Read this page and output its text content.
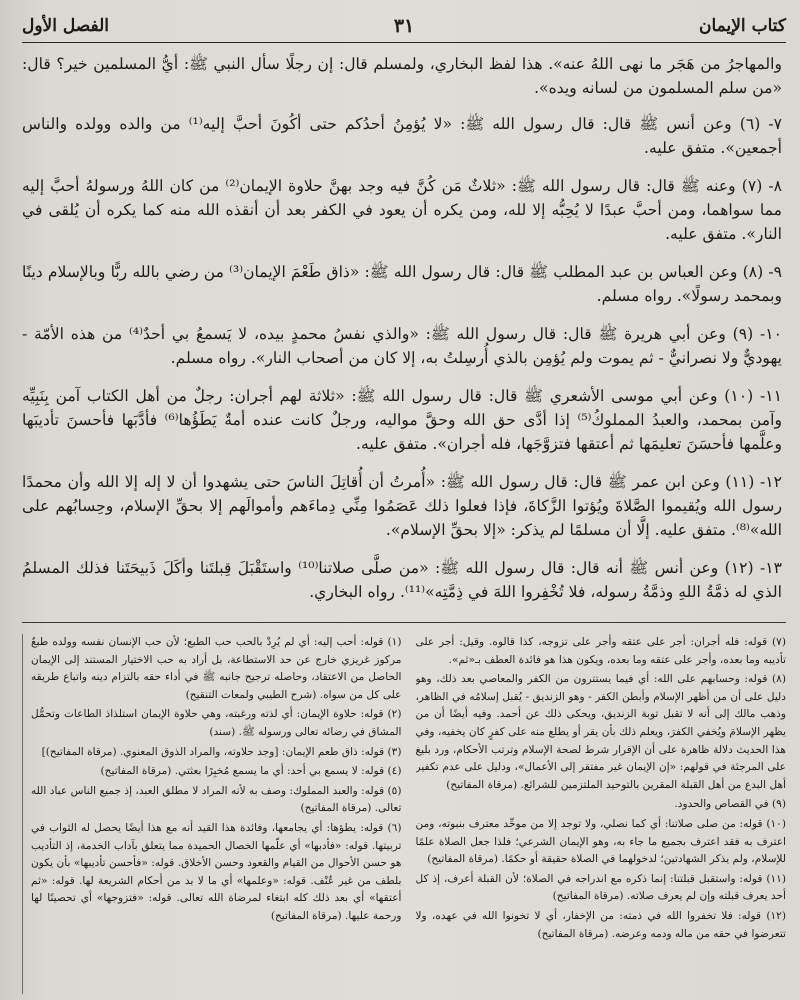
الفصل الأول	٣١	كتاب الإيمان

والمهاجرُ من هَجَر ما نهى اللهُ عنه». هذا لفظ البخاري، ولمسلم قال: إن رجلًا سأل النبي ﷺ: أيُّ المسلمين خير؟ قال: «من سلم المسلمون من لسانه ويده».

٧- (٦) وعن أنس ﷺ قال: قال رسول الله ﷺ: «لا يُؤمِنُ أحدُكم حتى أكُونَ أحبَّ إليه⁽¹⁾ من والده وولده والناس أجمعين». متفق عليه.

٨- (٧) وعنه ﷺ قال: قال رسول الله ﷺ: «ثلاثٌ مَن كُنَّ فيه وجد بهنَّ حلاوة الإيمان⁽²⁾ من كان اللهُ ورسولهُ أحبَّ إليه مما سواهما، ومن أحبَّ عبدًا لا يُحِبُّه إلا لله، ومن يكره أن يعود في الكفر بعد أن أنقذه الله منه كما يكره أن يُلقى في النار». متفق عليه.

٩- (٨) وعن العباس بن عبد المطلب ﷺ قال: قال رسول الله ﷺ: «ذاق طَعْمَ الإيمان⁽³⁾ من رضي بالله ربًّا وبالإسلام دينًا وبمحمد رسولًا». رواه مسلم.

١٠- (٩) وعن أبي هريرة ﷺ قال: قال رسول الله ﷺ: «والذي نفسُ محمدٍ بيده، لا يَسمعُ بي أحدٌ⁽⁴⁾ من هذه الأمّة - يهوديٌّ ولا نصرانيٌّ - ثم يموت ولم يُؤمِن بالذي أُرسِلتُ به، إلا كان من أصحاب النار». رواه مسلم.

١١- (١٠) وعن أبي موسى الأشعري ﷺ قال: قال رسول الله ﷺ: «ثلاثة لهم أجران: رجلٌ من أهل الكتاب آمن بِنَبِيِّه وآمن بمحمد، والعبدُ المملوكُ⁽⁵⁾ إذا أدَّى حق الله وحقَّ مواليه، ورجلٌ كانت عنده أمةٌ يَطَؤُها⁽⁶⁾ فأدَّبَها فأحسنَ تأديبَها وعلَّمها فأحسَنَ تعليمَها ثم أعتقها فتزوَّجَها، فله أجران». متفق عليه.

١٢- (١١) وعن ابن عمر ﷺ قال: قال رسول الله ﷺ: «أُمرتُ أن أُقاتِلَ الناسَ حتى يشهدوا أن لا إله إلا الله وأن محمدًا رسول الله ويُقيموا الصَّلاةَ ويُؤتوا الزَّكاةَ، فإذا فعلوا ذلك عَصَمُوا مِنِّي دِماءَهم وأموالَهم إلا بحقِّ الإسلام، وحِسابُهم على الله»⁽⁸⁾. متفق عليه. إلَّا أن مسلمًا لم يذكر: «إلا بحقِّ الإسلام».

١٣- (١٢) وعن أنس ﷺ أنه قال: قال رسول الله ﷺ: «من صلَّى صلاتنا⁽¹⁰⁾ واستَقْبَلَ قِبلتَنا وأكَلَ ذَبيحَتَنا فذلك المسلمُ الذي له ذمَّةُ اللهِ وذمَّةُ رسوله، فلا تُخْفِروا اللهَ في ذِمَّتِه»⁽¹¹⁾. رواه البخاري.

(١) قوله: أحب إليه: أي لم يُرِدْ بالحب حب الطبع؛ لأن حب الإنسان نفسه وولده طبعٌ مركوز غريزي خارج عن حد الاستطاعة، بل أراد به حب الاختيار المستند إلى الإيمان الحاصل من الاعتقاد، وحاصله ترجيح جانبه ﷺ في أداء حقه بالتزام دينه واتباع طريقه على كل من سواه. (شرح الطيبي ولمعات التنقيح)

(٢) قوله: حلاوة الإيمان: أي لذته ورغبته، وهي حلاوة الإيمان استلذاذ الطاعات وتحمُّل المشاق في رضائه تعالى ورسوله ﷺ. (سند)

(٣) قوله: ذاق طعم الإيمان: [وجد حلاوته، والمراد الذوق المعنوي. (مرقاة المفاتيح)]

(٤) قوله: لا يسمع بي أحد: أي ما يسمع مُخبِرًا بعثتي. (مرقاة المفاتيح)

(٥) قوله: والعبد المملوك: وصف به لأنه المراد لا مطلق العبد، إذ جميع الناس عباد الله تعالى. (مرقاة المفاتيح)

(٦) قوله: يطؤها: أي يجامعها، وفائدة هذا القيد أنه مع هذا أيضًا يحصل له الثواب في تربيتها. قوله: «فأدبها» أي علّمها الخصال الحميدة مما يتعلق بآداب الخدمة، إذ التأديب هو حسن الأحوال من القيام والقعود وحسن الأخلاق. قوله: «فأحسن تأديبها» بأن يكون بلطف من غير عُنْف. قوله: «وعلمها» أي ما لا بد من أحكام الشريعة لها. قوله: «ثم أعتقها» أي بعد ذلك كله ابتغاء لمرضاة الله تعالى. قوله: «فتزوجها» أي تحصينًا لها ورحمة عليها. (مرقاة المفاتيح)

(٧) قوله: فله أجران: أجر على عتقه وأجر على تزوجه، كذا قالوه. وقيل: أجر على تأديبه وما بعده، وأجر على عتقه وما بعده، ويكون هذا هو فائدة العطف بـ«ثم».

(٨) قوله: وحسابهم على الله: أي فيما يستترون من الكفر والمعاصي بعد ذلك، وهو دليل على أن من أظهر الإسلام وأبطن الكفر - وهو الزنديق - يُقبل إسلامُه في الظاهر، وذهب مالك إلى أنه لا تقبل توبة الزنديق، ويحكى ذلك عن أحمد. وفيه أيضًا أن من يظهر الإسلامَ ويُخفي الكفرَ، ويعلم ذلك بأن يقر أو يطلع منه على كفرٍ كان يخفيه، وفي هذا الحديث دلالة ظاهرة على أن الإقرار شرط لصحة الإسلام وترتب الأحكام، ورد بليغ على المرجئة في قولهم: «إن الإيمان غير مفتقر إلى الأعمال»، ودليل على عدم تكفير أهل البدع من أهل القبلة المقرين بالتوحيد الملتزمين للشرائع. (مرقاة المفاتيح)

(٩) في القصاص والحدود.

(١٠) قوله: من صلى صلاتنا: أي كما نصلي، ولا توجد إلا من موحِّد معترف بنبوته، ومن اعترف به فقد اعترف بجميع ما جاء به، وهو الإيمان الشرعي؛ فلذا جعل الصلاة علمًا للإسلام، ولم يذكر الشهادتين؛ لدخولهما في الصلاة حقيقة أو حكمًا. (مرقاة المفاتيح)

(١١) قوله: واستقبل قبلتنا: إنما ذكره مع اندراجه في الصلاة؛ لأن القبلة أعرف، إذ كل أحد يعرف قبلته وإن لم يعرف صلاته. (مرقاة المفاتيح)

(١٢) قوله: فلا تخفروا الله في ذمته: من الإخفار، أي لا تخونوا الله في عهده، ولا تتعرضوا في حقه من ماله ودمه وعرضه. (مرقاة المفاتيح)
